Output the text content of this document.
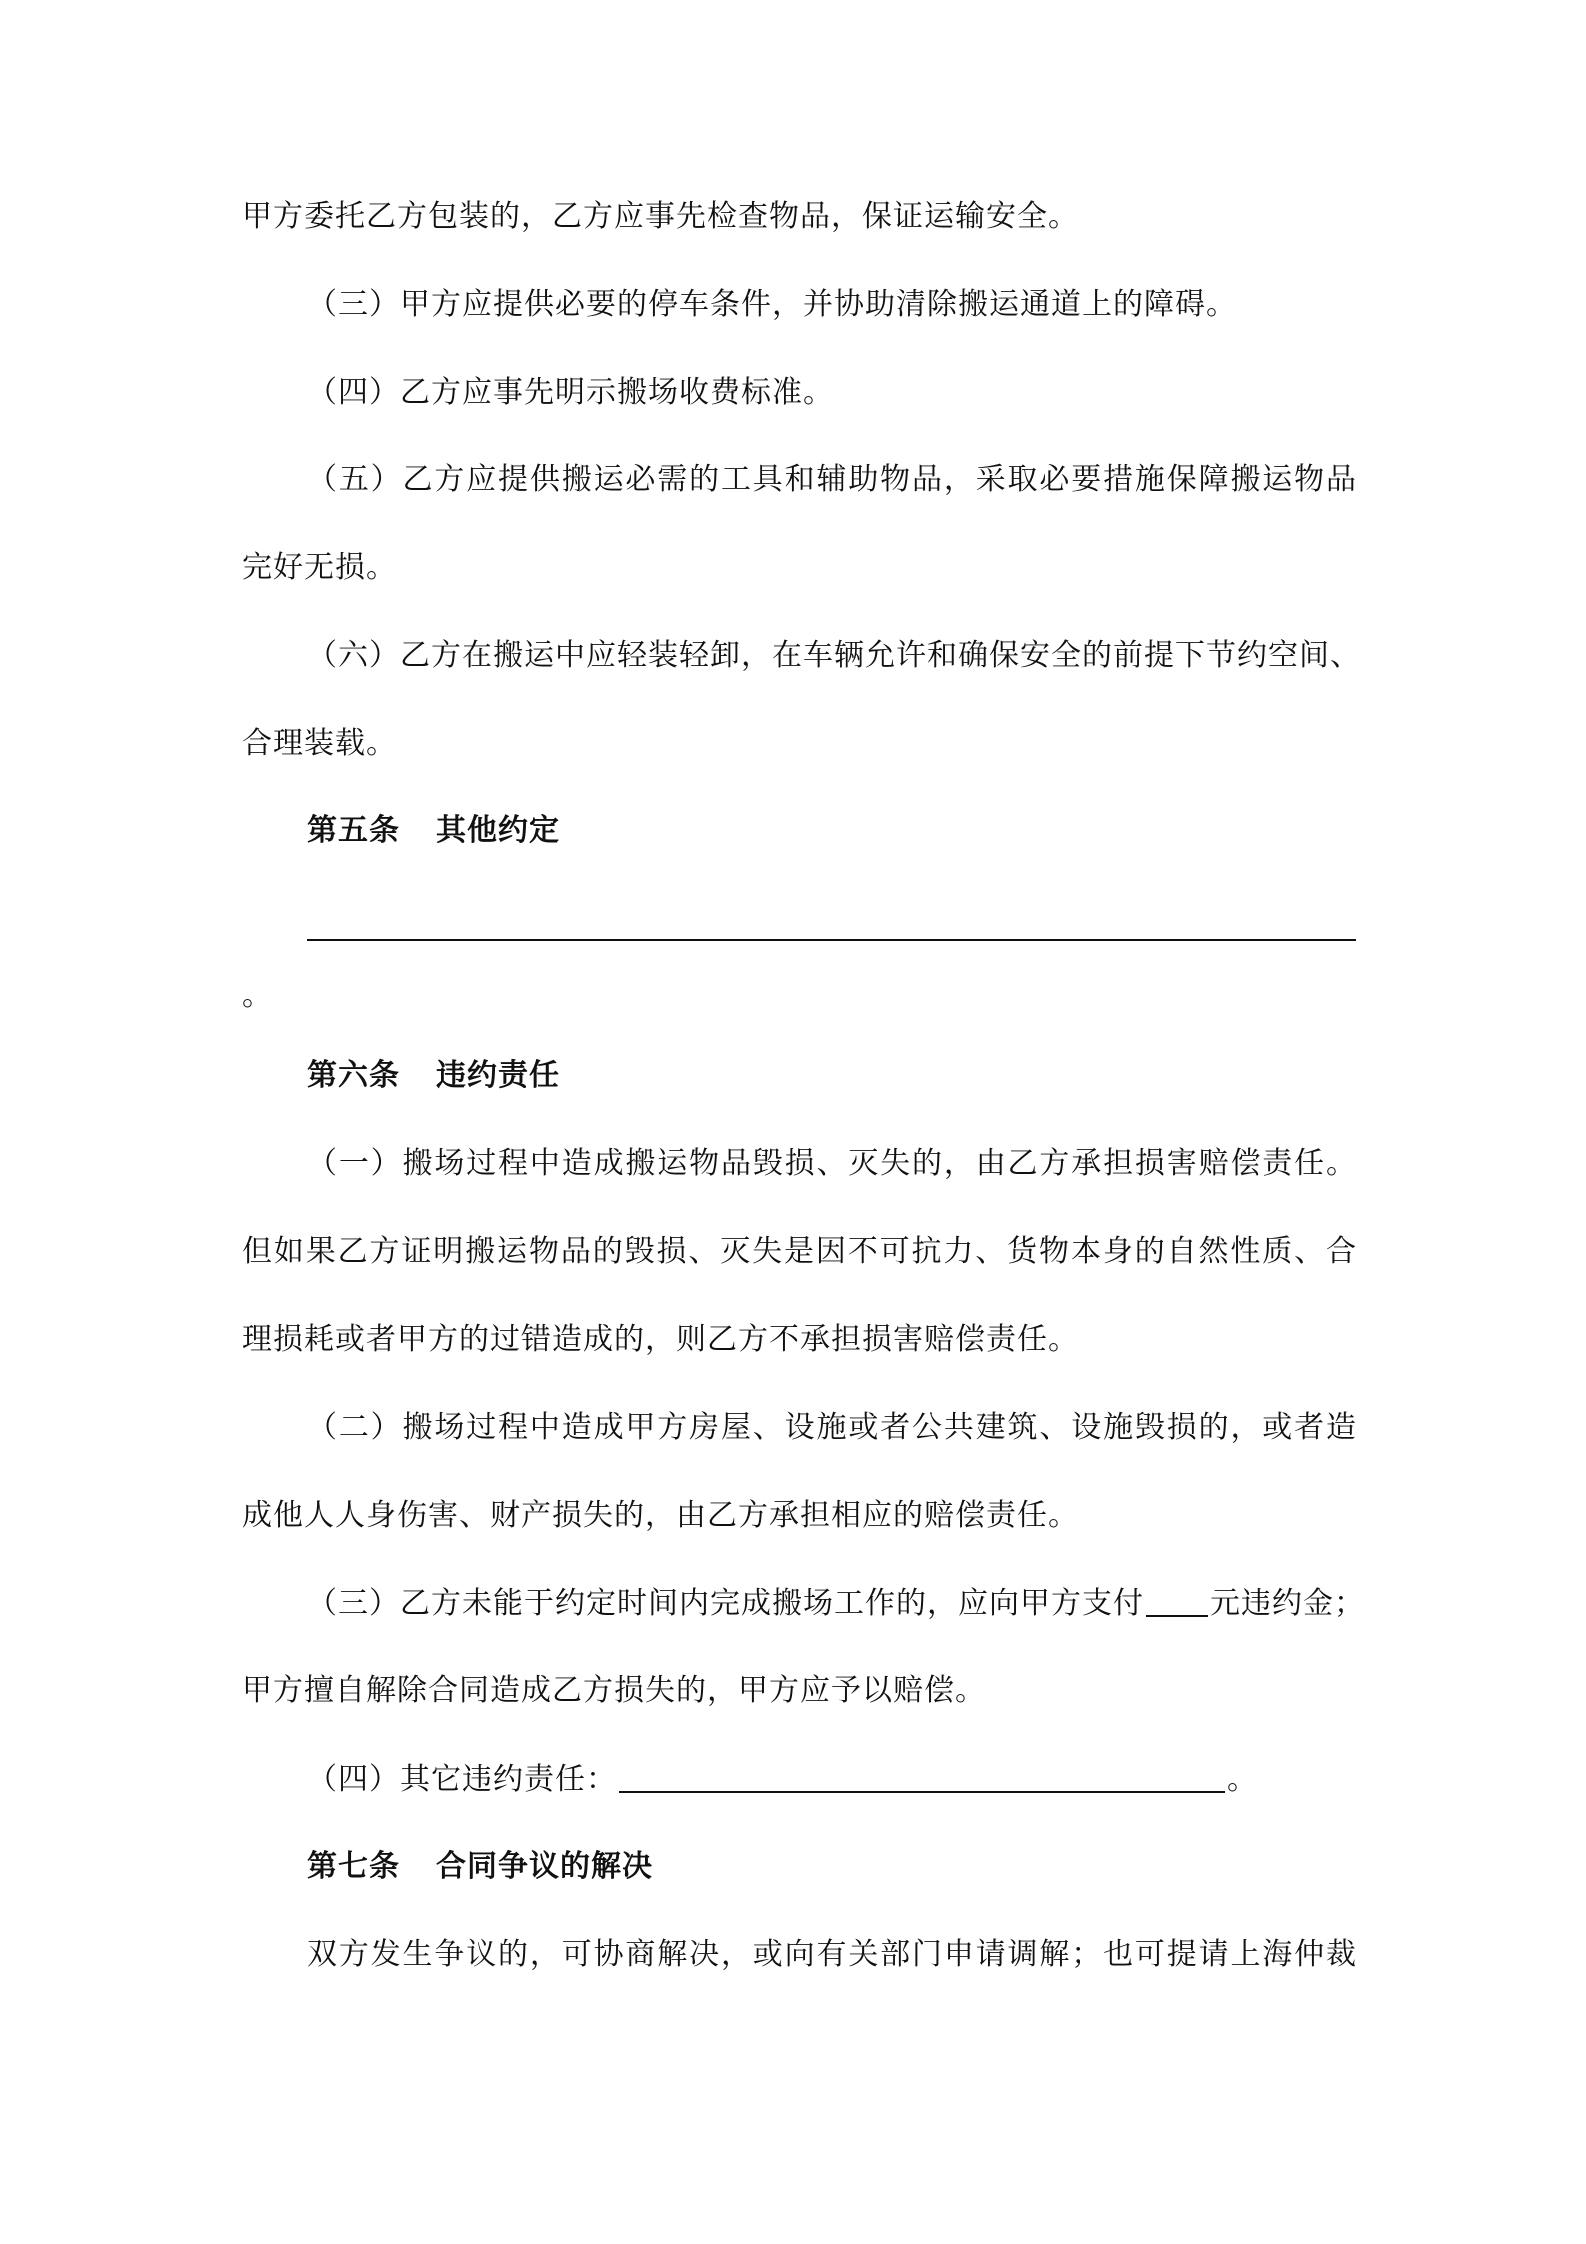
甲方委托乙方包装的，乙方应事先检查物品，保证运输安全。
（三）甲方应提供必要的停车条件，并协助清除搬运通道上的障碍。
（四）乙方应事先明示搬场收费标准。
（五）乙方应提供搬运必需的工具和辅助物品，采取必要措施保障搬运物品
完好无损。
（六）乙方在搬运中应轻装轻卸，在车辆允许和确保安全的前提下节约空间、
合理装载。
第五条 其他约定
。
第六条 违约责任
（一）搬场过程中造成搬运物品毁损、灭失的，由乙方承担损害赔偿责任。
但如果乙方证明搬运物品的毁损、灭失是因不可抗力、货物本身的自然性质、合
理损耗或者甲方的过错造成的，则乙方不承担损害赔偿责任。
（二）搬场过程中造成甲方房屋、设施或者公共建筑、设施毁损的，或者造
成他人人身伤害、财产损失的，由乙方承担相应的赔偿责任。
（三）乙方未能于约定时间内完成搬场工作的，应向甲方支付 元违约金；
甲方擅自解除合同造成乙方损失的，甲方应予以赔偿。
（四）其它违约责任：	。
第七条 合同争议的解决
双方发生争议的，可协商解决，或向有关部门申请调解；也可提请上海仲裁
